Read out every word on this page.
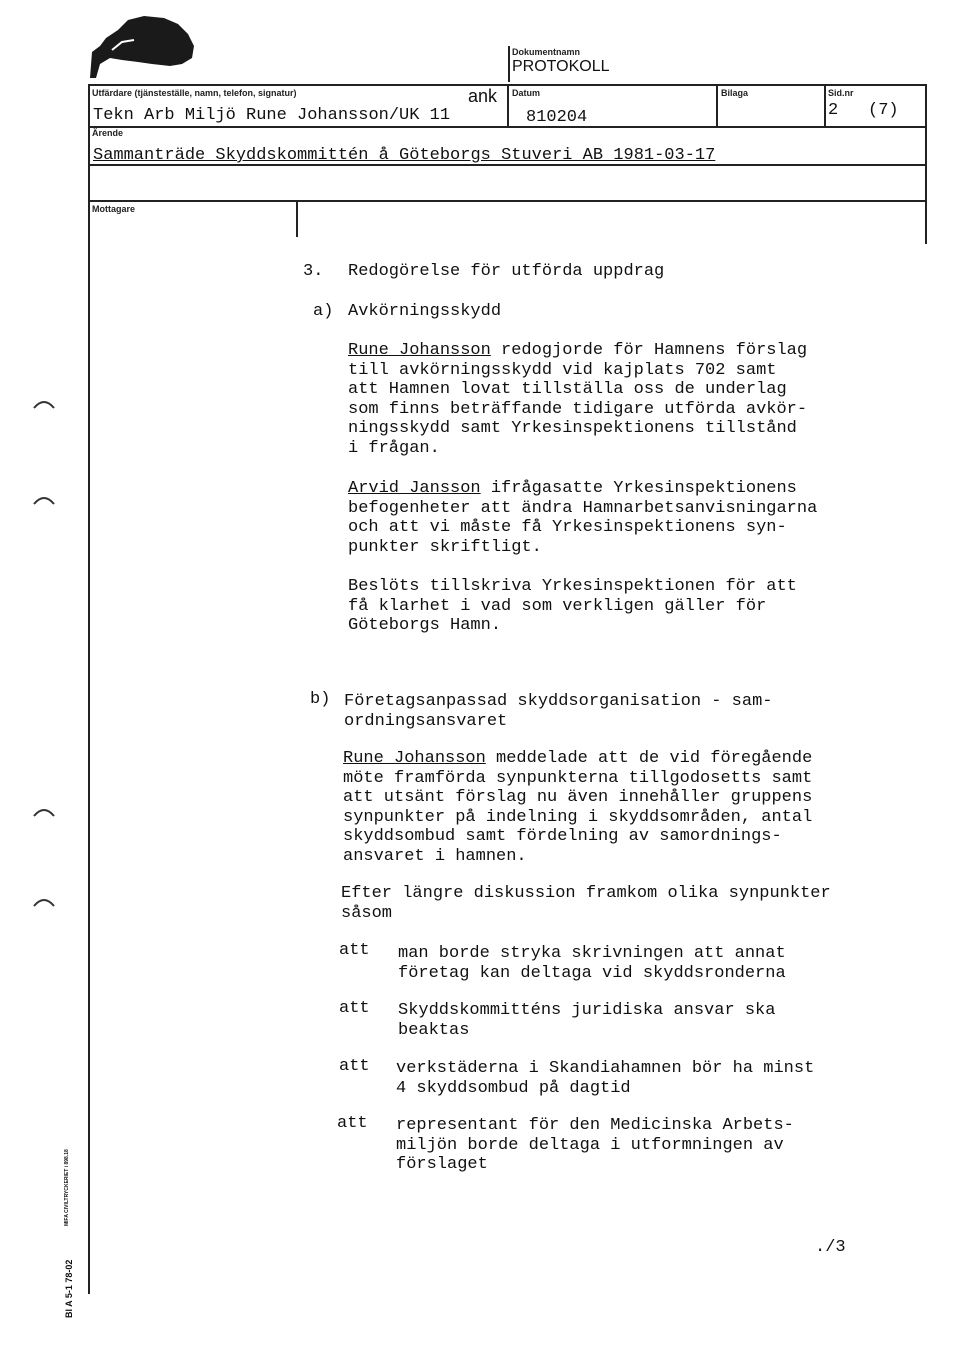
Dokumentnamn
PROTOKOLL
Utfärdare (tjänsteställe, namn, telefon, signatur)	ank
Tekn Arb Miljö Rune Johansson/UK 11
Datum
810204
Bilaga	Sid.nr
2 (7)
Ärende
Sammanträde Skyddskommittén å Göteborgs Stuveri AB 1981-03-17
Mottagare
3. Redogörelse för utförda uppdrag
a) Avkörningsskydd
Rune Johansson redogjorde för Hamnens förslag
till avkörningsskydd vid kajplats 702 samt
att Hamnen lovat tillställa oss de underlag
som finns beträffande tidigare utförda avkör-
ningsskydd samt Yrkesinspektionens tillstånd
i frågan.
Arvid Jansson ifrågasatte Yrkesinspektionens
befogenheter att ändra Hamnarbetsanvisningarna
och att vi måste få Yrkesinspektionens syn-
punkter skriftligt.
Beslöts tillskriva Yrkesinspektionen för att
få klarhet i vad som verkligen gäller för
Göteborgs Hamn.
b) Företagsanpassad skyddsorganisation - sam-
ordningsansvaret
Rune Johansson meddelade att de vid föregående
möte framförda synpunkterna tillgodosetts samt
att utsänt förslag nu även innehåller gruppens
synpunkter på indelning i skyddsområden, antal
skyddsombud samt fördelning av samordnings-
ansvaret i hamnen.
Efter längre diskussion framkom olika synpunkter
såsom
att man borde stryka skrivningen att annat
företag kan deltaga vid skyddsronderna
att Skyddskommitténs juridiska ansvar ska
beaktas
att verkstäderna i Skandiahamnen bör ha minst
4 skyddsombud på dagtid
att representant för den Medicinska Arbets-
miljön borde deltaga i utformningen av
förslaget
./3
Bl A 5-1 78-02
MIFA CIVILTRYCKERIET i 898.18
